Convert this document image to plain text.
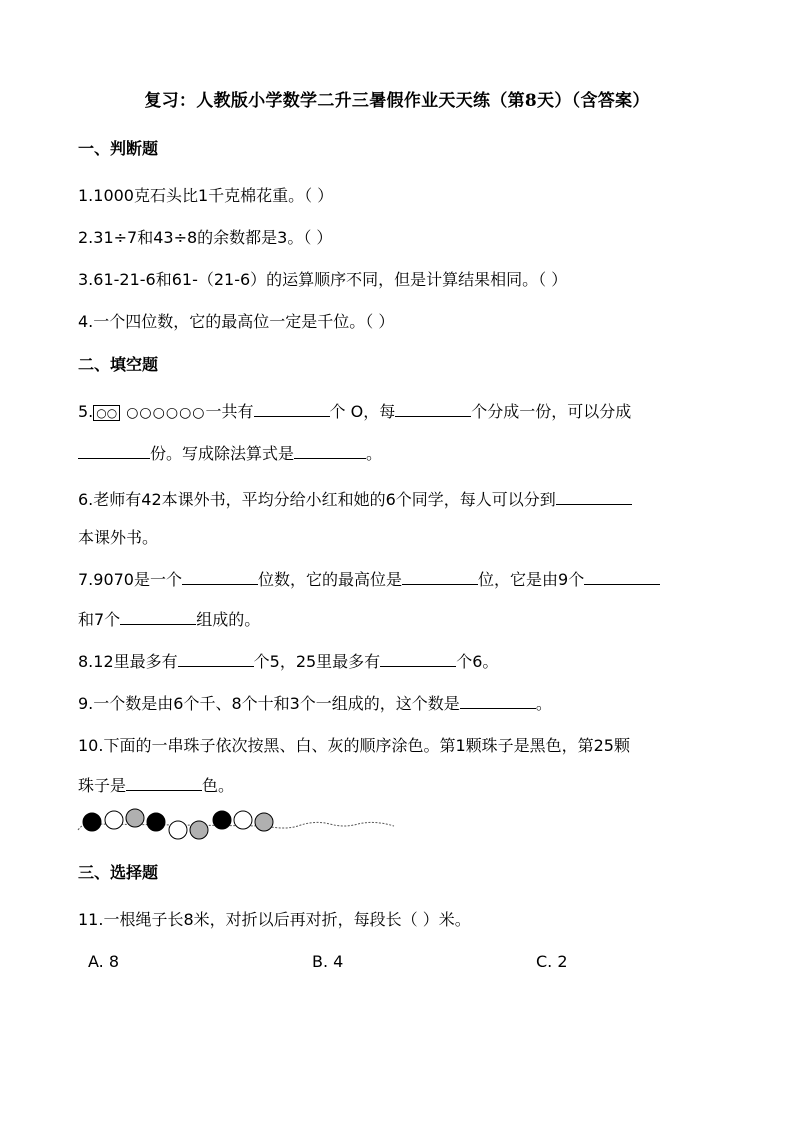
复习：人教版小学数学二升三暑假作业天天练（第8天）（含答案）
一、判断题
1.1000克石头比1千克棉花重。（ ）
2.31÷7和43÷8的余数都是3。（ ）
3.61-21-6和61-（21-6）的运算顺序不同，但是计算结果相同。（ ）
4.一个四位数，它的最高位一定是千位。（ ）
二、填空题
5. ○○ ○○○○○○一共有	个 O，每	个分成一份，可以分成
份。写成除法算式是	。
6.老师有42本课外书，平均分给小红和她的6个同学，每人可以分到
本课外书。
7.9070是一个	位数，它的最高位是	位，它是由9个
和7个	组成的。
8.12里最多有	个5，25里最多有	个6。
9.一个数是由6个千、8个十和3个一组成的，这个数是	。
10.下面的一串珠子依次按黑、白、灰的顺序涂色。第1颗珠子是黑色，第25颗
珠子是	色。
三、选择题
11.一根绳子长8米，对折以后再对折，每段长（ ）米。
A. 8	B. 4	C. 2
